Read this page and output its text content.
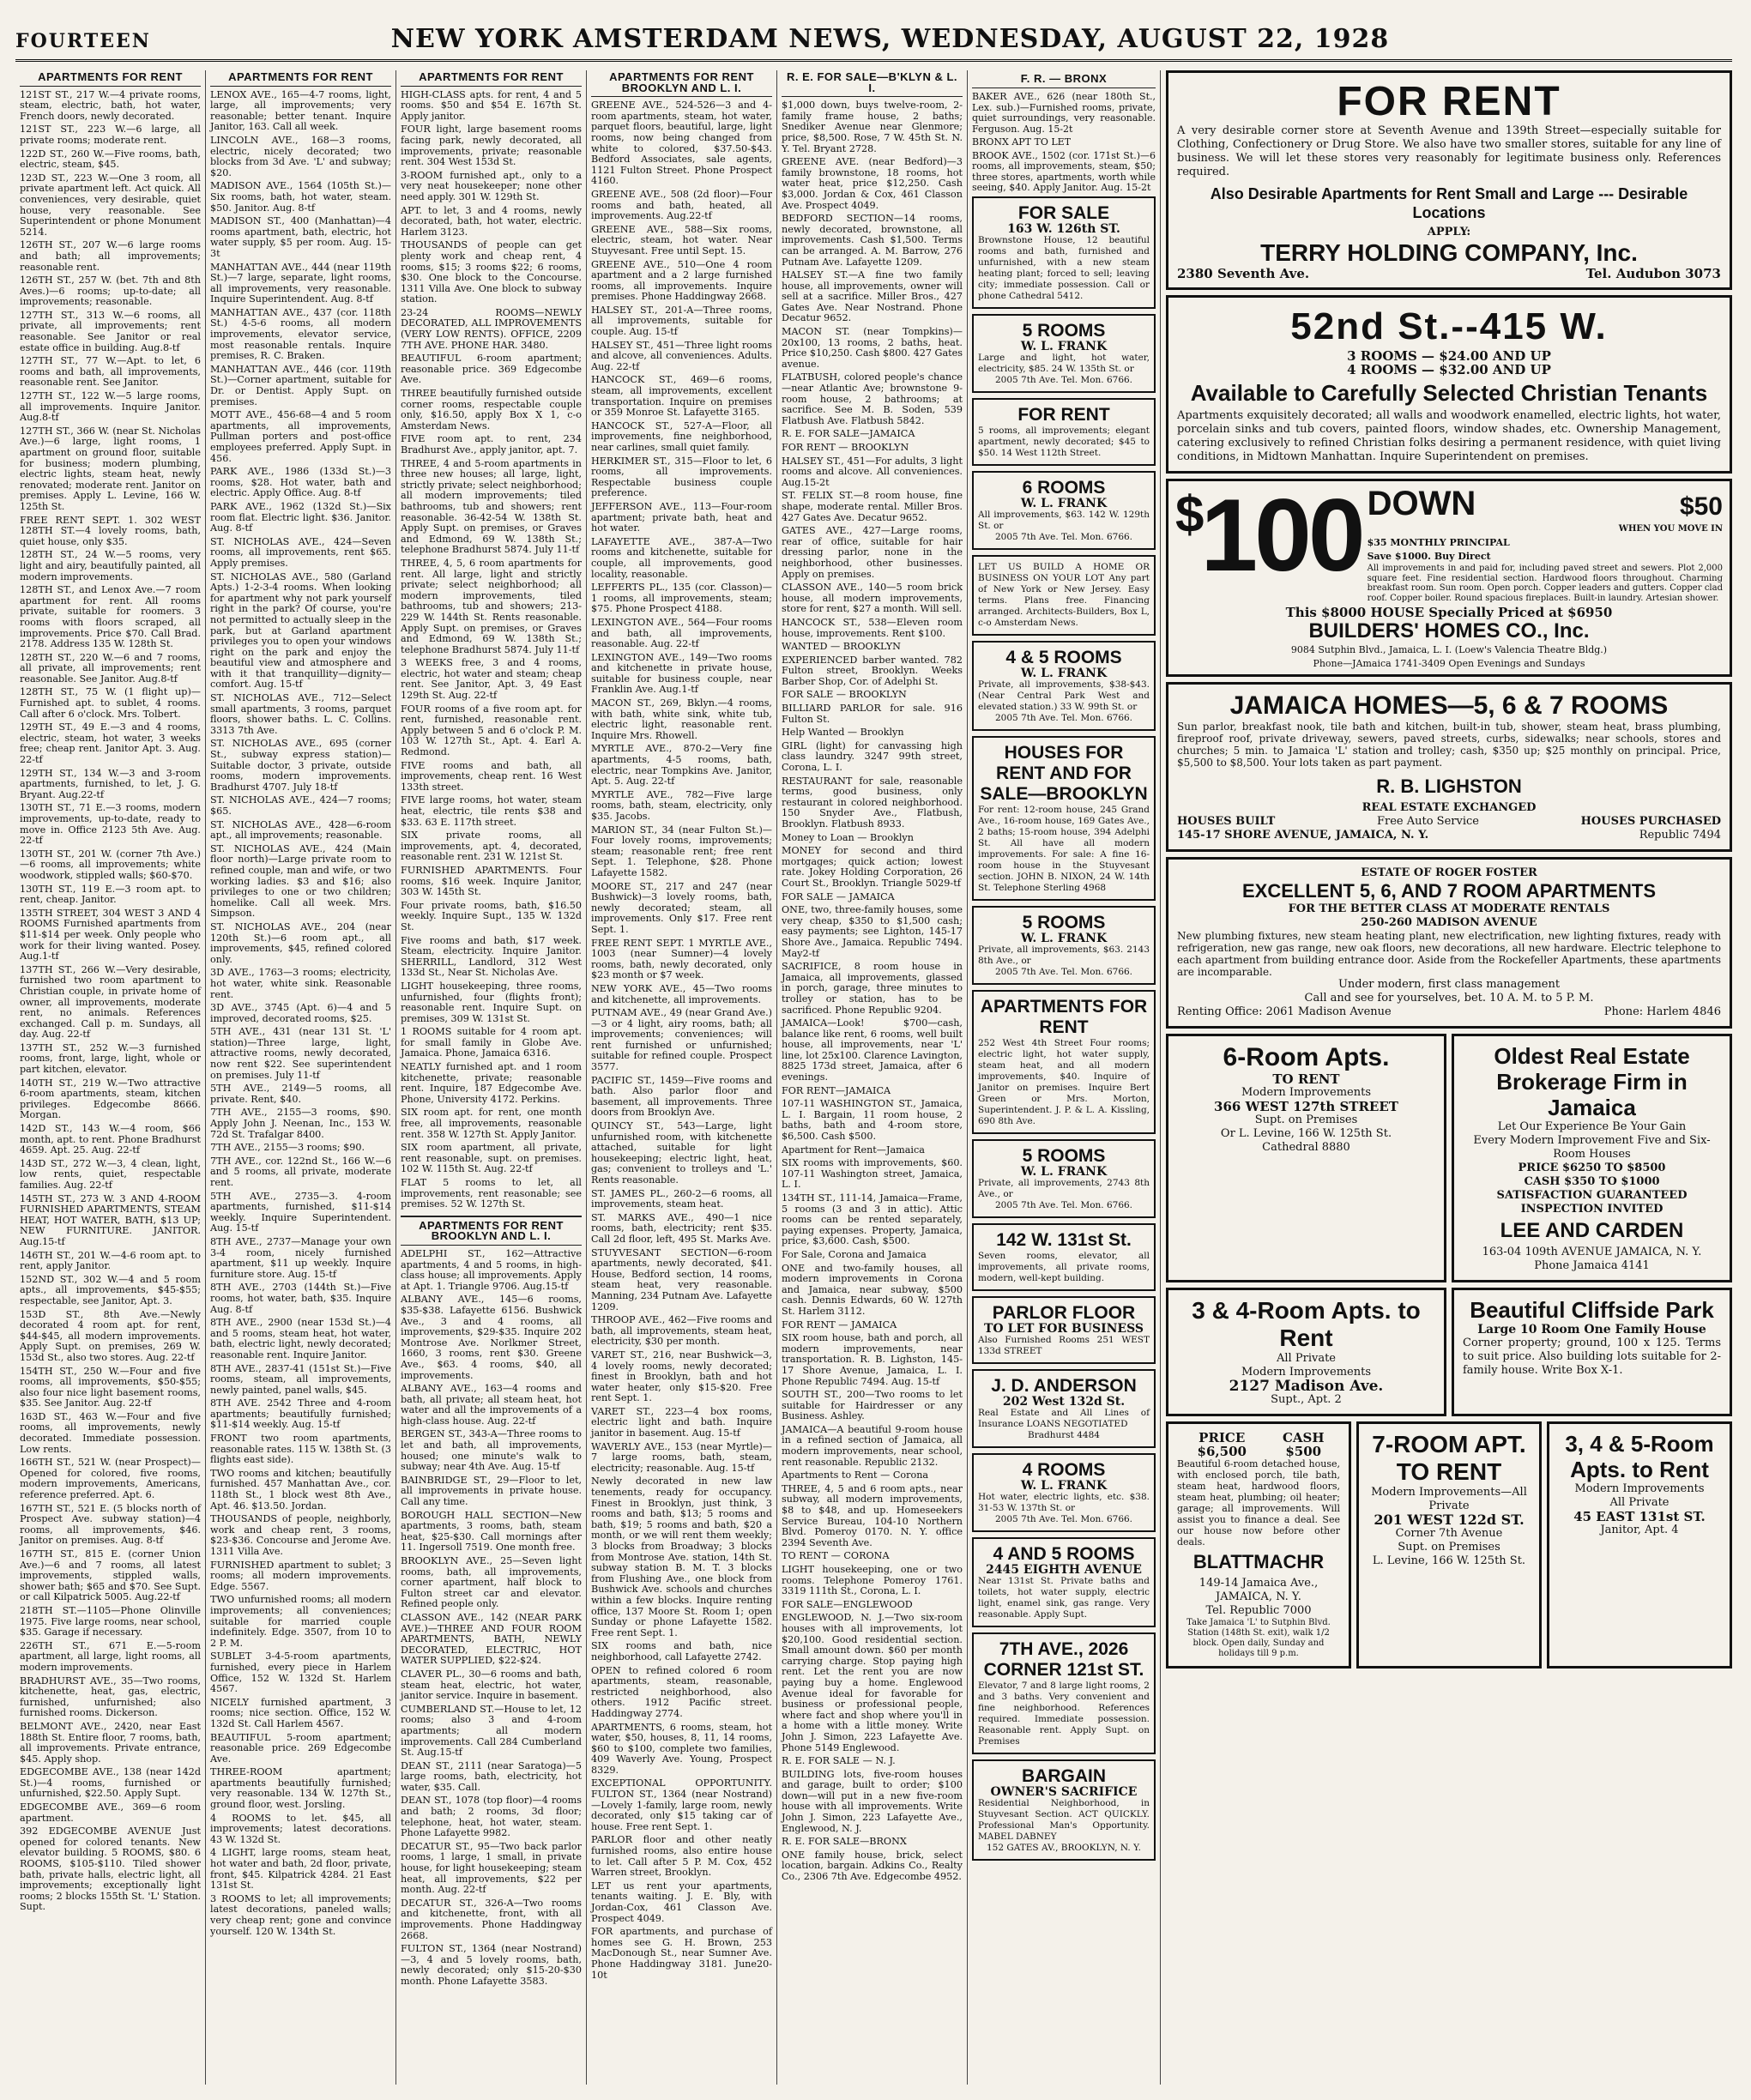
FOURTEEN	NEW YORK AMSTERDAM NEWS, WEDNESDAY, AUGUST 22, 1928
APARTMENTS FOR RENT

121ST ST., 217 W.—4 private rooms, steam, electric, bath, hot water, French doors, newly decorated.

121ST ST., 223 W.—6 large, all private rooms; moderate rent.

122D ST., 260 W.—Five rooms, bath, electric, steam, $45.

123D ST., 223 W.—One 3 room, all private apartment left. Act quick. All conveniences, very desirable, quiet house, very reasonable. See Superintendent or phone Monument 5214.

126TH ST., 207 W.—6 large rooms and bath; all improvements; reasonable rent.

126TH ST., 257 W. (bet. 7th and 8th Aves.)—6 rooms; up-to-date; all improvements; reasonable.

127TH ST., 313 W.—6 rooms, all private, all improvements; rent reasonable. See Janitor or real estate office in building. Aug.8-tf

127TH ST., 77 W.—Apt. to let, 6 rooms and bath, all improvements, reasonable rent. See Janitor.

127TH ST., 122 W.—5 large rooms, all improvements. Inquire Janitor. Aug.8-tf

127TH ST., 366 W. (near St. Nicholas Ave.)—6 large, light rooms, 1 apartment on ground floor, suitable for business; modern plumbing, electric lights, steam heat, newly renovated; moderate rent. Janitor on premises. Apply L. Levine, 166 W. 125th St.

FREE RENT SEPT. 1. 302 WEST 128TH ST.—4 lovely rooms, bath, quiet house, only $35.

128TH ST., 24 W.—5 rooms, very light and airy, beautifully painted, all modern improvements.

128TH ST., and Lenox Ave.—7 room apartment for rent. All rooms private, suitable for roomers. 3 rooms with floors scraped, all improvements. Price $70. Call Brad. 2178. Address 135 W. 128th St.

128TH ST., 220 W.—6 and 7 rooms, all private, all improvements; rent reasonable. See Janitor. Aug.8-tf

128TH ST., 75 W. (1 flight up)—Furnished apt. to sublet, 4 rooms. Call after 6 o'clock. Mrs. Tolbert.

129TH ST., 49 E.—3 and 4 rooms, electric, steam, hot water, 3 weeks free; cheap rent. Janitor Apt. 3. Aug. 22-tf

129TH ST., 134 W.—3 and 3-room apartments, furnished, to let, J. G. Bryant. Aug.22-tf

130TH ST., 71 E.—3 rooms, modern improvements, up-to-date, ready to move in. Office 2123 5th Ave. Aug. 22-tf

130TH ST., 201 W. (corner 7th Ave.)—6 rooms, all improvements; white woodwork, stippled walls; $60-$70.

130TH ST., 119 E.—3 room apt. to rent, cheap. Janitor.

135TH STREET, 304 WEST 3 AND 4 ROOMS Furnished apartments from $11-$14 per week. Only people who work for their living wanted. Posey. Aug.1-tf

137TH ST., 266 W.—Very desirable, furnished two room apartment to Christian couple, in private home of owner, all improvements, moderate rent, no animals. References exchanged. Call p. m. Sundays, all day. Aug. 22-tf

137TH ST., 252 W.—3 furnished rooms, front, large, light, whole or part kitchen, elevator.

140TH ST., 219 W.—Two attractive 6-room apartments, steam, kitchen privileges. Edgecombe 8666. Morgan.

142D ST., 143 W.—4 room, $66 month, apt. to rent. Phone Bradhurst 4659. Apt. 25. Aug. 22-tf

143D ST., 272 W.—3, 4 clean, light, low rents, quiet, respectable families. Aug. 22-tf

145TH ST., 273 W. 3 AND 4-ROOM FURNISHED APARTMENTS, STEAM HEAT, HOT WATER, BATH, $13 UP; NEW FURNITURE. JANITOR. Aug.15-tf

146TH ST., 201 W.—4-6 room apt. to rent, apply Janitor.

152ND ST., 302 W.—4 and 5 room apts., all improvements, $45-$55; respectable, see Janitor, Apt. 3.

153D ST., 8th Ave.—Newly decorated 4 room apt. for rent, $44-$45, all modern improvements. Apply Supt. on premises, 269 W. 153d St., also two stores. Aug. 22-tf

154TH ST., 250 W.—Four and five rooms, all improvements, $50-$55; also four nice light basement rooms, $35. See Janitor. Aug. 22-tf

163D ST., 463 W.—Four and five rooms, all improvements, newly decorated. Immediate possession. Low rents.

166TH ST., 521 W. (near Prospect)—Opened for colored, five rooms, modern improvements, Americans, reference preferred. Apt. 6.

167TH ST., 521 E. (5 blocks north of Prospect Ave. subway station)—4 rooms, all improvements, $46. Janitor on premises. Aug. 8-tf

167TH ST., 815 E. (corner Union Ave.)—6 and 7 rooms, all latest improvements, stippled walls, shower bath; $65 and $70. See Supt. or call Kilpatrick 5005. Aug.22-tf

218TH ST.—1105—Phone Olinville 1975. Five large rooms, near school, $35. Garage if necessary.

226TH ST., 671 E.—5-room apartment, all large, light rooms, all modern improvements.

BRADHURST AVE., 35—Two rooms, kitchenette, heat, gas, electric, furnished, unfurnished; also furnished rooms. Dickerson.

BELMONT AVE., 2420, near East 188th St. Entire floor, 7 rooms, bath, all improvements. Private entrance, $45. Apply shop.

EDGECOMBE AVE., 138 (near 142d St.)—4 rooms, furnished or unfurnished, $22.50. Apply Supt.

EDGECOMBE AVE., 369—6 room apartment.

392 EDGECOMBE AVENUE Just opened for colored tenants. New elevator building. 5 ROOMS, $80. 6 ROOMS, $105-$110. Tiled shower bath, private halls, electric light, all improvements; exceptionally light rooms; 2 blocks 155th St. 'L' Station. Supt.

APARTMENTS FOR RENT

LENOX AVE., 165—4-7 rooms, light, large, all improvements; very reasonable; better tenant. Inquire Janitor, 163. Call all week.

LINCOLN AVE., 168—3 rooms, electric, nicely decorated; two blocks from 3d Ave. 'L' and subway; $20.

MADISON AVE., 1564 (105th St.)—Six rooms, bath, hot water, steam. $50. Janitor. Aug. 8-tf

MADISON ST., 400 (Manhattan)—4 rooms apartment, bath, electric, hot water supply, $5 per room. Aug. 15-3t

MANHATTAN AVE., 444 (near 119th St.)—7 large, separate, light rooms, all improvements, very reasonable. Inquire Superintendent. Aug. 8-tf

MANHATTAN AVE., 437 (cor. 118th St.) 4-5-6 rooms, all modern improvements, elevator service, most reasonable rentals. Inquire premises, R. C. Braken.

MANHATTAN AVE., 446 (cor. 119th St.)—Corner apartment, suitable for Dr. or Dentist. Apply Supt. on premises.

MOTT AVE., 456-68—4 and 5 room apartments, all improvements, Pullman porters and post-office employees preferred. Apply Supt. in 456.

PARK AVE., 1986 (133d St.)—3 rooms, $28. Hot water, bath and electric. Apply Office. Aug. 8-tf

PARK AVE., 1962 (132d St.)—Six room flat. Electric light. $36. Janitor. Aug. 8-tf

ST. NICHOLAS AVE., 424—Seven rooms, all improvements, rent $65. Apply premises.

ST. NICHOLAS AVE., 580 (Garland Apts.) 1-2-3-4 rooms. When looking for apartment why not park yourself right in the park? Of course, you're not permitted to actually sleep in the park, but at Garland apartment privileges you to open your windows right on the park and enjoy the beautiful view and atmosphere and with it that tranquillity—dignity—comfort. Aug. 15-tf

ST. NICHOLAS AVE., 712—Select small apartments, 3 rooms, parquet floors, shower baths. L. C. Collins. 3313 7th Ave.

ST. NICHOLAS AVE., 695 (corner St., subway express station)—Suitable doctor, 3 private, outside rooms, modern improvements. Bradhurst 4707. July 18-tf

ST. NICHOLAS AVE., 424—7 rooms; $65.

ST. NICHOLAS AVE., 428—6-room apt., all improvements; reasonable.

ST. NICHOLAS AVE., 424 (Main floor north)—Large private room to refined couple, man and wife, or two working ladies. $3 and $16; also privileges to one or two children; homelike. Call all week. Mrs. Simpson.

ST. NICHOLAS AVE., 204 (near 120th St.)—6 room apt., all improvements, $45, refined colored only.

3D AVE., 1763—3 rooms; electricity, hot water, white sink. Reasonable rent.

3D AVE., 3745 (Apt. 6)—4 and 5 improved, decorated rooms, $25.

5TH AVE., 431 (near 131 St. 'L' station)—Three large, light, attractive rooms, newly decorated, now rent $22. See superintendent on premises. July 11-tf

5TH AVE., 2149—5 rooms, all private. Rent, $40.

7TH AVE., 2155—3 rooms, $90. Apply John J. Neenan, Inc., 153 W. 72d St. Trafalgar 8400.

7TH AVE., 2155—3 rooms; $90.

7TH AVE., cor. 122nd St., 166 W.—6 and 5 rooms, all private, moderate rent.

5TH AVE., 2735—3. 4-room apartments, furnished, $11-$14 weekly. Inquire Superintendent. Aug. 15-tf

8TH AVE., 2737—Manage your own 3-4 room, nicely furnished apartment, $11 up weekly. Inquire furniture store. Aug. 15-tf

8TH AVE., 2703 (144th St.)—Five rooms, hot water, bath, $35. Inquire Aug. 8-tf

8TH AVE., 2900 (near 153d St.)—4 and 5 rooms, steam heat, hot water, bath, electric light, newly decorated; reasonable rent. Inquire Janitor.

8TH AVE., 2837-41 (151st St.)—Five rooms, steam, all improvements, newly painted, panel walls, $45.

8TH AVE. 2542 Three and 4-room apartments; beautifully furnished; $11-$14 weekly. Aug. 15-tf

FRONT two room apartments, reasonable rates. 115 W. 138th St. (3 flights east side).

TWO rooms and kitchen; beautifully furnished. 457 Manhattan Ave., cor. 118th St., 1 block west 8th Ave., Apt. 46. $13.50. Jordan.

THOUSANDS of people, neighborly, work and cheap rent, 3 rooms, $23-$36. Concourse and Jerome Ave. 1311 Villa Ave.

FURNISHED apartment to sublet; 3 rooms; all modern improvements. Edge. 5567.

TWO unfurnished rooms; all modern improvements; all conveniences; suitable for married couple indefinitely. Edge. 3507, from 10 to 2 P. M.

SUBLET 3-4-5-room apartments, furnished, every piece in Harlem Office, 152 W. 132d St. Harlem 4567.

NICELY furnished apartment, 3 rooms; nice section. Office, 152 W. 132d St. Call Harlem 4567.

BEAUTIFUL 5-room apartment; reasonable price. 269 Edgecombe Ave.

THREE-ROOM apartment; apartments beautifully furnished; very reasonable. 134 W. 127th St., ground floor, west. Jorsling.

4 ROOMS to let. $45, all improvements; latest decorations. 43 W. 132d St.

4 LIGHT, large rooms, steam heat, hot water and bath, 2d floor, private, front, $45. Kilpatrick 4284. 21 East 131st St.

3 ROOMS to let; all improvements; latest decorations, paneled walls; very cheap rent; gone and convince yourself. 120 W. 134th St.

APARTMENTS FOR RENT

HIGH-CLASS apts. for rent, 4 and 5 rooms. $50 and $54 E. 167th St. Apply janitor.

FOUR light, large basement rooms facing park, newly decorated, all improvements, private; reasonable rent. 304 West 153d St.

3-ROOM furnished apt., only to a very neat housekeeper; none other need apply. 301 W. 129th St.

APT. to let, 3 and 4 rooms, newly decorated, bath, hot water, electric. Harlem 3123.

THOUSANDS of people can get plenty work and cheap rent, 4 rooms, $15; 3 rooms $22; 6 rooms, $30. One block to the Concourse. 1311 Villa Ave. One block to subway station.

23-24 ROOMS—NEWLY DECORATED, ALL IMPROVEMENTS (VERY LOW RENTS). OFFICE, 2209 7TH AVE. PHONE HAR. 3480.

BEAUTIFUL 6-room apartment; reasonable price. 369 Edgecombe Ave.

THREE beautifully furnished outside corner rooms, respectable couple only, $16.50, apply Box X 1, c-o Amsterdam News.

FIVE room apt. to rent, 234 Bradhurst Ave., apply janitor, apt. 7.

THREE, 4 and 5-room apartments in three new houses; all large, light, strictly private; select neighborhood; all modern improvements; tiled bathrooms, tub and showers; rent reasonable. 36-42-54 W. 138th St. Apply Supt. on premises, or Graves and Edmond, 69 W. 138th St.; telephone Bradhurst 5874. July 11-tf

THREE, 4, 5, 6 room apartments for rent. All large, light and strictly private; select neighborhood; all modern improvements, tiled bathrooms, tub and showers; 213-229 W. 144th St. Rents reasonable. Apply Supt. on premises, or Graves and Edmond, 69 W. 138th St.; telephone Bradhurst 5874. July 11-tf

3 WEEKS free, 3 and 4 rooms, electric, hot water and steam; cheap rent. See Janitor, Apt. 3, 49 East 129th St. Aug. 22-tf

FOUR rooms of a five room apt. for rent, furnished, reasonable rent. Apply between 5 and 6 o'clock P. M. 103 W. 127th St., Apt. 4. Earl A. Redmond.

FIVE rooms and bath, all improvements, cheap rent. 16 West 133th street.

FIVE large rooms, hot water, steam heat, electric, tile rents $38 and $33. 63 E. 117th street.

SIX private rooms, all improvements, apt. 4, decorated, reasonable rent. 231 W. 121st St.

FURNISHED APARTMENTS. Four rooms, $16 week. Inquire Janitor, 303 W. 145th St.

Four private rooms, bath, $16.50 weekly. Inquire Supt., 135 W. 132d St.

Five rooms and bath, $17 week. Steam, electricity. Inquire Janitor. SHERRILL, Landlord, 312 West 133d St., Near St. Nicholas Ave.

LIGHT housekeeping, three rooms, unfurnished, four (flights front); reasonable rent. Inquire Supt. on premises, 309 W. 131st St.

1 ROOMS suitable for 4 room apt. for small family in Globe Ave. Jamaica. Phone, Jamaica 6316.

NEATLY furnished apt. and 1 room kitchenette, private; reasonable rent. Inquire, 187 Edgecombe Ave. Phone, University 4172. Perkins.

SIX room apt. for rent, one month free, all improvements, reasonable rent. 358 W. 127th St. Apply Janitor.

SIX room apartment, all private, rent reasonable, supt. on premises. 102 W. 115th St. Aug. 22-tf

FLAT 5 rooms to let, all improvements, rent reasonable; see premises. 52 W. 127th St.

APARTMENTS FOR RENT BROOKLYN AND L. I.

ADELPHI ST., 162—Attractive apartments, 4 and 5 rooms, in high-class house; all improvements. Apply at Apt. 1. Triangle 9706. Aug.15-tf

ALBANY AVE., 145—6 rooms, $35-$38. Lafayette 6156. Bushwick Ave., 3 and 4 rooms, all improvements, $29-$35. Inquire 202 Montrose Ave. Norlkmer Street, 1660, 3 rooms, rent $30. Greene Ave., $63. 4 rooms, $40, all improvements.

ALBANY AVE., 163—4 rooms and bath, all private; all steam heat, hot water and all the improvements of a high-class house. Aug. 22-tf

BERGEN ST., 343-A—Three rooms to let and bath, all improvements, housed; one minute's walk to subway; near 4th Ave. Aug. 15-tf

BAINBRIDGE ST., 29—Floor to let, all improvements in private house. Call any time.

BOROUGH HALL SECTION—New apartments, 3 rooms, bath, steam heat, $25-$30. Call mornings after 11. Ingersoll 7519. One month free.

BROOKLYN AVE., 25—Seven light rooms, bath, all improvements, corner apartment, half block to Fulton street car and elevator. Refined people only.

CLASSON AVE., 142 (NEAR PARK AVE.)—THREE AND FOUR ROOM APARTMENTS, BATH, NEWLY DECORATED, ELECTRIC, HOT WATER SUPPLIED, $22-$24.

CLAVER PL., 30—6 rooms and bath, steam heat, electric, hot water, janitor service. Inquire in basement.

CUMBERLAND ST.—House to let, 12 rooms; also 3 and 4-room apartments; all modern improvements. Call 284 Cumberland St. Aug.15-tf

DEAN ST., 2111 (near Saratoga)—5 large rooms, bath, electricity, hot water, $35. Call.

DEAN ST., 1078 (top floor)—4 rooms and bath; 2 rooms, 3d floor; telephone, heat, hot water, steam. Phone Lafayette 9982.

DECATUR ST., 95—Two back parlor rooms, 1 large, 1 small, in private house, for light housekeeping; steam heat, all improvements, $22 per month. Aug. 22-tf

DECATUR ST., 326-A—Two rooms and kitchenette, front, with all improvements. Phone Haddingway 2668.

FULTON ST., 1364 (near Nostrand)—3, 4 and 5 lovely rooms, bath, newly decorated; only $15-20-$30 month. Phone Lafayette 3583.

APARTMENTS FOR RENT BROOKLYN AND L. I.

GREENE AVE., 524-526—3 and 4-room apartments, steam, hot water, parquet floors, beautiful, large, light rooms, now being changed from white to colored, $37.50-$43. Bedford Associates, sale agents, 1121 Fulton Street. Phone Prospect 4160.

GREENE AVE., 508 (2d floor)—Four rooms and bath, heated, all improvements. Aug.22-tf

GREENE AVE., 588—Six rooms, electric, steam, hot water. Near Stuyvesant. Free until Sept. 15.

GREENE AVE., 510—One 4 room apartment and a 2 large furnished rooms, all improvements. Inquire premises. Phone Haddingway 2668.

HALSEY ST., 201-A—Three rooms, all improvements, suitable for couple. Aug. 15-tf

HALSEY ST., 451—Three light rooms and alcove, all conveniences. Adults. Aug. 22-tf

HANCOCK ST., 469—6 rooms, steam, all improvements, excellent transportation. Inquire on premises or 359 Monroe St. Lafayette 3165.

HANCOCK ST., 527-A—Floor, all improvements, fine neighborhood, near carlines, small quiet family.

HERKIMER ST., 315—Floor to let, 6 rooms, all improvements. Respectable business couple preference.

JEFFERSON AVE., 113—Four-room apartment; private bath, heat and hot water.

LAFAYETTE AVE., 387-A—Two rooms and kitchenette, suitable for couple, all improvements, good locality, reasonable.

LEFFERTS PL., 135 (cor. Classon)—1 rooms, all improvements, steam; $75. Phone Prospect 4188.

LEXINGTON AVE., 564—Four rooms and bath, all improvements, reasonable. Aug. 22-tf

LEXINGTON AVE., 149—Two rooms and kitchenette in private house, suitable for business couple, near Franklin Ave. Aug.1-tf

MACON ST., 269, Bklyn.—4 rooms, with bath, white sink, white tub, electric light, reasonable rent. Inquire Mrs. Rhowell.

MYRTLE AVE., 870-2—Very fine apartments, 4-5 rooms, bath, electric, near Tompkins Ave. Janitor, Apt. 5. Aug. 22-tf

MYRTLE AVE., 782—Five large rooms, bath, steam, electricity, only $35. Jacobs.

MARION ST., 34 (near Fulton St.)—Four lovely rooms, improvements; steam; reasonable rent; free rent Sept. 1. Telephone, $28. Phone Lafayette 1582.

MOORE ST., 217 and 247 (near Bushwick)—3 lovely rooms, bath, newly decorated; steam, all improvements. Only $17. Free rent Sept. 1.

FREE RENT SEPT. 1 MYRTLE AVE., 1003 (near Sumner)—4 lovely rooms, bath, newly decorated, only $23 month or $7 week.

NEW YORK AVE., 45—Two rooms and kitchenette, all improvements.

PUTNAM AVE., 49 (near Grand Ave.)—3 or 4 light, airy rooms, bath; all improvements; conveniences; will rent furnished or unfurnished; suitable for refined couple. Prospect 3577.

PACIFIC ST., 1459—Five rooms and bath. Also parlor floor and basement, all improvements. Three doors from Brooklyn Ave.

QUINCY ST., 543—Large, light unfurnished room, with kitchenette attached, suitable for light housekeeping; electric light, heat, gas; convenient to trolleys and 'L.' Rents reasonable.

ST. JAMES PL., 260-2—6 rooms, all improvements, steam heat.

ST. MARKS AVE., 490—1 nice rooms, bath, electricity; rent $35. Call 2d floor, left, 495 St. Marks Ave.

STUYVESANT SECTION—6-room apartments, newly decorated, $41. House, Bedford section, 14 rooms, steam heat, very reasonable. Manning, 234 Putnam Ave. Lafayette 1209.

THROOP AVE., 462—Five rooms and bath, all improvements, steam heat, electricity, $30 per month.

VARET ST., 216, near Bushwick—3, 4 lovely rooms, newly decorated; finest in Brooklyn, bath and hot water heater, only $15-$20. Free rent Sept. 1.

VARET ST., 223—4 box rooms, electric light and bath. Inquire janitor in basement. Aug. 15-tf

WAVERLY AVE., 153 (near Myrtle)—7 large rooms, bath, steam, electricity; reasonable. Aug. 15-tf

Newly decorated in new law tenements, ready for occupancy. Finest in Brooklyn, just think, 3 rooms and bath, $13; 5 rooms and bath, $19; 5 rooms and bath, $20 a month, or we will rent them weekly; 3 blocks from Broadway; 3 blocks from Montrose Ave. station, 14th St. subway station B. M. T. 3 blocks from Flushing Ave., one block from Bushwick Ave. schools and churches within a few blocks. Inquire renting office, 137 Moore St. Room 1; open Sunday or phone Lafayette 1582. Free rent Sept. 1.

SIX rooms and bath, nice neighborhood, call Lafayette 2742.

OPEN to refined colored 6 room apartments, steam, reasonable, restricted neighborhood, also others. 1912 Pacific street. Haddingway 2774.

APARTMENTS, 6 rooms, steam, hot water, $50, houses, 8, 11, 14 rooms, $60 to $100, complete two families, 409 Waverly Ave. Young, Prospect 8329.

EXCEPTIONAL OPPORTUNITY. FULTON ST., 1364 (near Nostrand)—Lovely 1-family, large room, newly decorated, only $15 taking car of house. Free rent Sept. 1.

PARLOR floor and other neatly furnished rooms, also entire house to let. Call after 5 P. M. Cox, 452 Warren street, Brooklyn.

LET us rent your apartments, tenants waiting. J. E. Bly, with Jordan-Cox, 461 Classon Ave. Prospect 4049.

FOR apartments, and purchase of homes see G. H. Brown, 253 MacDonough St., near Sumner Ave. Phone Haddingway 3181. June20-10t

R. E. FOR SALE—B'KLYN & L. I.

$1,000 down, buys twelve-room, 2-family frame house, 2 baths; Snediker Avenue near Glenmore; price, $8,500. Rose, 7 W. 45th St. N. Y. Tel. Bryant 2728.

GREENE AVE. (near Bedford)—3 family brownstone, 18 rooms, hot water heat, price $12,250. Cash $3,000. Jordan & Cox, 461 Classon Ave. Prospect 4049.

BEDFORD SECTION—14 rooms, newly decorated, brownstone, all improvements. Cash $1,500. Terms can be arranged. A. M. Barrow, 276 Putnam Ave. Lafayette 1209.

HALSEY ST.—A fine two family house, all improvements, owner will sell at a sacrifice. Miller Bros., 427 Gates Ave. Near Nostrand. Phone Decatur 9652.

MACON ST. (near Tompkins)—20x100, 13 rooms, 2 baths, heat. Price $10,250. Cash $800. 427 Gates avenue.

FLATBUSH, colored people's chance—near Atlantic Ave; brownstone 9-room house, 2 bathrooms; at sacrifice. See M. B. Soden, 539 Flatbush Ave. Flatbush 5842.

R. E. FOR SALE—JAMAICA

FOR RENT — BROOKLYN

HALSEY ST., 451—For adults, 3 light rooms and alcove. All conveniences. Aug.15-2t

ST. FELIX ST.—8 room house, fine shape, moderate rental. Miller Bros. 427 Gates Ave. Decatur 9652.

GATES AVE., 427—Large rooms, rear of office, suitable for hair dressing parlor, none in the neighborhood, other businesses. Apply on premises.

CLASSON AVE., 140—5 room brick house, all modern improvements, store for rent, $27 a month. Will sell.

HANCOCK ST., 538—Eleven room house, improvements. Rent $100.

WANTED — BROOKLYN

EXPERIENCED barber wanted. 782 Fulton street, Brooklyn. Weeks Barber Shop, Cor. of Adelphi St.

FOR SALE — BROOKLYN

BILLIARD PARLOR for sale. 916 Fulton St.

Help Wanted — Brooklyn

GIRL (light) for canvassing high class laundry. 3247 99th street, Corona, L. I.

RESTAURANT for sale, reasonable terms, good business, only restaurant in colored neighborhood. 150 Snyder Ave., Flatbush, Brooklyn. Flatbush 8933.

Money to Loan — Brooklyn

MONEY for second and third mortgages; quick action; lowest rate. Jokey Holding Corporation, 26 Court St., Brooklyn. Triangle 5029-tf

FOR SALE — JAMAICA

ONE, two, three-family houses, some very cheap, $350 to $1,500 cash; easy payments; see Lighton, 145-17 Shore Ave., Jamaica. Republic 7494. May2-tf

SACRIFICE, 8 room house in Jamaica, all improvements, glassed in porch, garage, three minutes to trolley or station, has to be sacrificed. Phone Republic 9204.

JAMAICA—Look! $700—cash, balance like rent, 6 rooms, well built house, all improvements, near 'L' line, lot 25x100. Clarence Lavington, 8825 173d street, Jamaica, after 6 evenings.

FOR RENT—JAMAICA

107-11 WASHINGTON ST., Jamaica, L. I. Bargain, 11 room house, 2 baths, bath and 4-room store, $6,500. Cash $500.

Apartment for Rent—Jamaica

SIX rooms with improvements, $60. 107-11 Washington street, Jamaica, L. I.

134TH ST., 111-14, Jamaica—Frame, 5 rooms (3 and 3 in attic). Attic rooms can be rented separately, paying expenses. Property, Jamaica, price, $3,600. Cash, $500.

For Sale, Corona and Jamaica

ONE and two-family houses, all modern improvements in Corona and Jamaica, near subway, $500 cash. Dennis Edwards, 60 W. 127th St. Harlem 3112.

FOR RENT — JAMAICA

SIX room house, bath and porch, all modern improvements, near transportation. R. B. Lighston, 145-17 Shore Avenue, Jamaica, L. I. Phone Republic 7494. Aug. 15-tf

SOUTH ST., 200—Two rooms to let suitable for Hairdresser or any Business. Ashley.

JAMAICA—A beautiful 9-room house in a refined section of Jamaica, all modern improvements, near school, rent reasonable. Republic 2132.

Apartments to Rent — Corona

THREE, 4, 5 and 6 room apts., near subway, all modern improvements, $8 to $48, and up. Homeseekers Service Bureau, 104-10 Northern Blvd. Pomeroy 0170. N. Y. office 2394 Seventh Ave.

TO RENT — CORONA

LIGHT housekeeping, one or two rooms. Telephone Pomeroy 1761. 3319 111th St., Corona, L. I.

FOR SALE—ENGLEWOOD

ENGLEWOOD, N. J.—Two six-room houses with all improvements, lot $20,100. Good residential section. Small amount down. $60 per month carrying charge. Stop paying high rent. Let the rent you are now paying buy a home. Englewood Avenue ideal for favorable for business or professional people, where fact and shop where you'll in a home with a little money. Write John J. Simon, 223 Lafayette Ave. Phone 5149 Englewood.

R. E. FOR SALE — N. J.

BUILDING lots, five-room houses and garage, built to order; $100 down—will put in a new five-room house with all improvements. Write John J. Simon, 223 Lafayette Ave., Englewood, N. J.

R. E. FOR SALE—BRONX

ONE family house, brick, select location, bargain. Adkins Co., Realty Co., 2306 7th Ave. Edgecombe 4952.

F. R. — BRONX

BAKER AVE., 626 (near 180th St., Lex. sub.)—Furnished rooms, private, quiet surroundings, very reasonable. Ferguson. Aug. 15-2t

BRONX APT TO LET

BROOK AVE., 1502 (cor. 171st St.)—6 rooms, all improvements, steam, $50; three stores, apartments, worth while seeing, $40. Apply Janitor. Aug. 15-2t

FOR SALE
163 W. 126th ST.
Brownstone House, 12 beautiful rooms and bath, furnished and unfurnished, with a new steam heating plant; forced to sell; leaving city; immediate possession. Call or phone Cathedral 5412.
5 ROOMS
W. L. FRANK
Large and light, hot water, electricity, $85. 24 W. 135th St. or
2005 7th Ave. Tel. Mon. 6766.
FOR RENT
5 rooms, all improvements; elegant apartment, newly decorated; $45 to $50. 14 West 112th Street.
6 ROOMS
W. L. FRANK
All improvements, $63. 142 W. 129th St. or
2005 7th Ave. Tel. Mon. 6766.
LET US BUILD A HOME OR BUSINESS ON YOUR LOT Any part of New York or New Jersey. Easy terms. Plans free. Financing arranged. Architects-Builders, Box L, c-o Amsterdam News.
4 & 5 ROOMS
W. L. FRANK
Private, all improvements, $38-$43. (Near Central Park West and elevated station.) 33 W. 99th St. or
2005 7th Ave. Tel. Mon. 6766.
HOUSES FOR RENT AND FOR SALE—BROOKLYN
For rent: 12-room house, 245 Grand Ave., 16-room house, 169 Gates Ave., 2 baths; 15-room house, 394 Adelphi St. All have all modern improvements. For sale: A fine 16-room house in the Stuyvesant section. JOHN B. NIXON, 24 W. 14th St. Telephone Sterling 4968
5 ROOMS
W. L. FRANK
Private, all improvements, $63. 2143 8th Ave., or
2005 7th Ave. Tel. Mon. 6766.
APARTMENTS FOR RENT
252 West 4th Street Four rooms; electric light, hot water supply, steam heat, and all modern improvements, $40. Inquire of Janitor on premises. Inquire Bert Green or Mrs. Morton, Superintendent. J. P. & L. A. Kissling, 690 8th Ave.
5 ROOMS
W. L. FRANK
Private, all improvements, 2743 8th Ave., or
2005 7th Ave. Tel. Mon. 6766.
142 W. 131st St.
Seven rooms, elevator, all improvements, all private rooms, modern, well-kept building.
PARLOR FLOOR
TO LET FOR BUSINESS
Also Furnished Rooms 251 WEST 133d STREET
J. D. ANDERSON
202 West 132d St.
Real Estate and All Lines of Insurance LOANS NEGOTIATED
Bradhurst 4484
4 ROOMS
W. L. FRANK
Hot water, electric lights, etc. $38. 31-53 W. 137th St. or
2005 7th Ave. Tel. Mon. 6766.
4 AND 5 ROOMS
2445 EIGHTH AVENUE
Near 131st St. Private baths and toilets, hot water supply, electric light, enamel sink, gas range. Very reasonable. Apply Supt.
7TH AVE., 2026 CORNER 121st ST.
Elevator, 7 and 8 large light rooms, 2 and 3 baths. Very convenient and fine neighborhood. References required. Immediate possession. Reasonable rent. Apply Supt. on Premises
BARGAIN
OWNER'S SACRIFICE
Residential Neighborhood, in Stuyvesant Section. ACT QUICKLY. Professional Man's Opportunity. MABEL DABNEY
152 GATES AV., BROOKLYN, N. Y.
FOR RENT
A very desirable corner store at Seventh Avenue and 139th Street—especially suitable for Clothing, Confectionery or Drug Store. We also have two smaller stores, suitable for any line of business. We will let these stores very reasonably for legitimate business only. References required.
Also Desirable Apartments for Rent Small and Large --- Desirable Locations
APPLY:
TERRY HOLDING COMPANY, Inc.
2380 Seventh Ave.	Tel. Audubon 3073
52nd St.--415 W.
3 ROOMS — $24.00 AND UP
4 ROOMS — $32.00 AND UP
Available to Carefully Selected Christian Tenants
Apartments exquisitely decorated; all walls and woodwork enamelled, electric lights, hot water, porcelain sinks and tub covers, painted floors, window shades, etc. Ownership Management, catering exclusively to refined Christian folks desiring a permanent residence, with quiet living conditions, in Midtown Manhattan. Inquire Superintendent on premises.
$ 100 DOWN	$50
WHEN YOU MOVE IN
$35 MONTHLY PRINCIPAL
Save $1000. Buy Direct
All improvements in and paid for, including paved street and sewers. Plot 2,000 square feet. Fine residential section. Hardwood floors throughout. Charming breakfast room. Sun room. Open porch. Copper leaders and gutters. Copper clad roof. Copper boiler. Round spacious fireplaces. Built-in laundry. Artesian shower.
This $8000 HOUSE Specially Priced at $6950
BUILDERS' HOMES CO., Inc.
9084 Sutphin Blvd., Jamaica, L. I. (Loew's Valencia Theatre Bldg.)
Phone—JAmaica 1741-3409 Open Evenings and Sundays
JAMAICA HOMES—5, 6 & 7 ROOMS
Sun parlor, breakfast nook, tile bath and kitchen, built-in tub, shower, steam heat, brass plumbing, fireproof roof, private driveway, sewers, paved streets, curbs, sidewalks; near schools, stores and churches; 5 min. to Jamaica 'L' station and trolley; cash, $350 up; $25 monthly on principal. Price, $5,500 to $8,500. Your lots taken as part payment.
R. B. LIGHSTON
REAL ESTATE EXCHANGED
HOUSES BUILT	Free Auto Service	HOUSES PURCHASED
145-17 SHORE AVENUE, JAMAICA, N. Y.	Republic 7494
ESTATE OF ROGER FOSTER
EXCELLENT 5, 6, AND 7 ROOM APARTMENTS
FOR THE BETTER CLASS AT MODERATE RENTALS
250-260 MADISON AVENUE
New plumbing fixtures, new steam heating plant, new electrification, new lighting fixtures, ready with refrigeration, new gas range, new oak floors, new decorations, all new hardware. Electric telephone to each apartment from building entrance door. Aside from the Rockefeller Apartments, these apartments are incomparable.
Under modern, first class management
Call and see for yourselves, bet. 10 A. M. to 5 P. M.
Renting Office: 2061 Madison Avenue	Phone: Harlem 4846
6-Room Apts.
TO RENT
Modern Improvements
366 WEST 127th STREET
Supt. on Premises
Or L. Levine, 166 W. 125th St.
Cathedral 8880
Oldest Real Estate Brokerage Firm in Jamaica
Let Our Experience Be Your Gain
Every Modern Improvement Five and Six-Room Houses
PRICE $6250 TO $8500
CASH $350 TO $1000
SATISFACTION GUARANTEED
INSPECTION INVITED
LEE AND CARDEN
163-04 109th AVENUE JAMAICA, N. Y.
Phone Jamaica 4141
3 & 4-Room Apts. to Rent
All Private
Modern Improvements
2127 Madison Ave.
Supt., Apt. 2
Beautiful Cliffside Park
Large 10 Room One Family House
Corner property; ground, 100 x 125. Terms to suit price. Also building lots suitable for 2-family house. Write Box X-1.
PRICE $6,500
CASH $500
Beautiful 6-room detached house, with enclosed porch, tile bath, steam heat, hardwood floors, steam heat, plumbing; oil heater; garage; all improvements. Will assist you to finance a deal. See our house now before other deals.
BLATTMACHR
149-14 Jamaica Ave., JAMAICA, N. Y.
Tel. Republic 7000
Take Jamaica 'L' to Sutphin Blvd. Station (148th St. exit), walk 1/2 block. Open daily, Sunday and holidays till 9 p.m.
7-ROOM APT. TO RENT
Modern Improvements—All Private
201 WEST 122d ST.
Corner 7th Avenue
Supt. on Premises
L. Levine, 166 W. 125th St.
3, 4 & 5-Room Apts. to Rent
Modern Improvements
All Private
45 EAST 131st ST.
Janitor, Apt. 4
